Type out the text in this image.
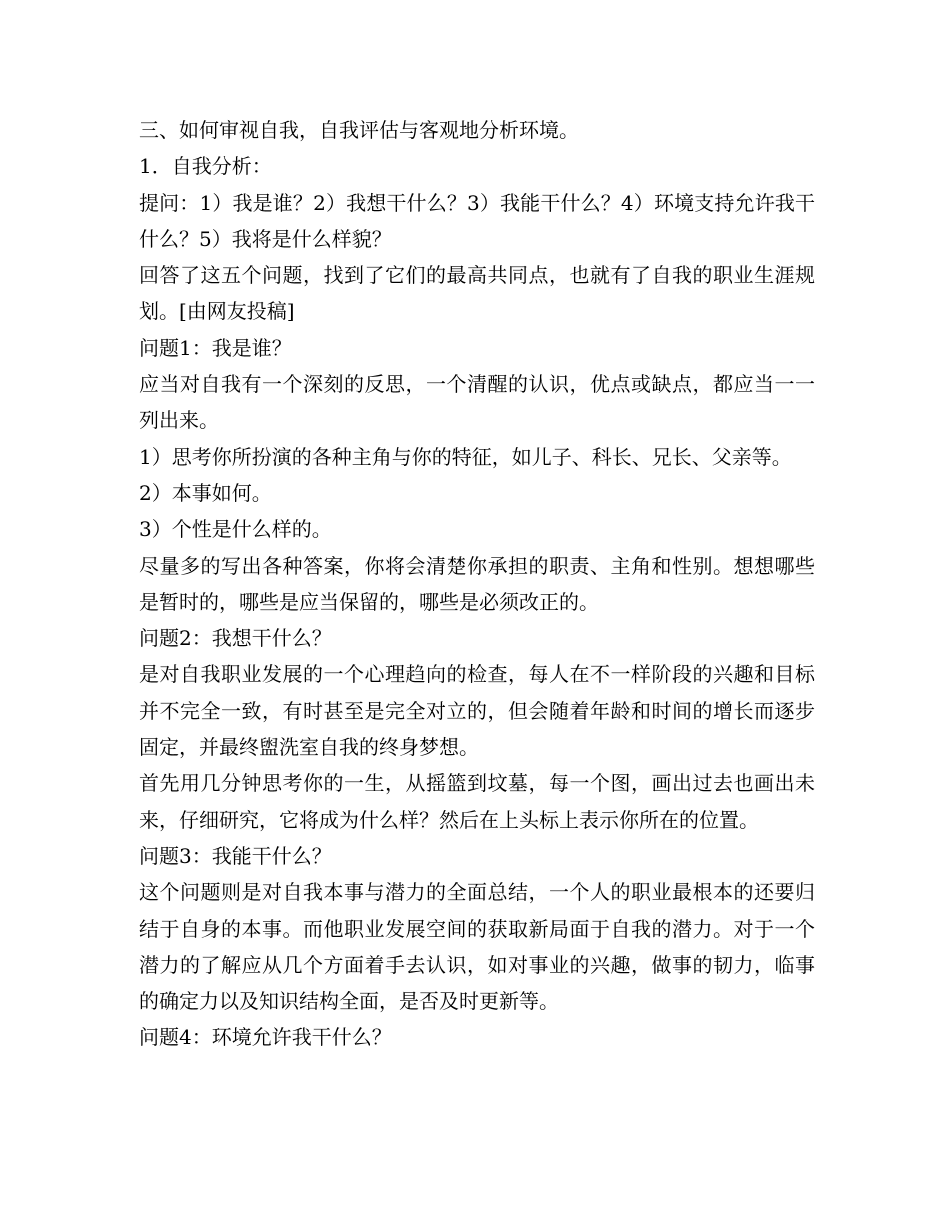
三、如何审视自我，自我评估与客观地分析环境。

1．自我分析：

提问：1）我是谁？2）我想干什么？3）我能干什么？4）环境支持允许我干什么？5）我将是什么样貌？

回答了这五个问题，找到了它们的最高共同点，也就有了自我的职业生涯规划。[由网友投稿]

问题1：我是谁？

应当对自我有一个深刻的反思，一个清醒的认识，优点或缺点，都应当一一列出来。

1）思考你所扮演的各种主角与你的特征，如儿子、科长、兄长、父亲等。

2）本事如何。

3）个性是什么样的。

尽量多的写出各种答案，你将会清楚你承担的职责、主角和性别。想想哪些是暂时的，哪些是应当保留的，哪些是必须改正的。

问题2：我想干什么？

是对自我职业发展的一个心理趋向的检查，每人在不一样阶段的兴趣和目标并不完全一致，有时甚至是完全对立的，但会随着年龄和时间的增长而逐步固定，并最终盥洗室自我的终身梦想。

首先用几分钟思考你的一生，从摇篮到坟墓，每一个图，画出过去也画出未来，仔细研究，它将成为什么样？然后在上头标上表示你所在的位置。

问题3：我能干什么？

这个问题则是对自我本事与潜力的全面总结，一个人的职业最根本的还要归结于自身的本事。而他职业发展空间的获取新局面于自我的潜力。对于一个潜力的了解应从几个方面着手去认识，如对事业的兴趣，做事的韧力，临事的确定力以及知识结构全面，是否及时更新等。

问题4：环境允许我干什么？
